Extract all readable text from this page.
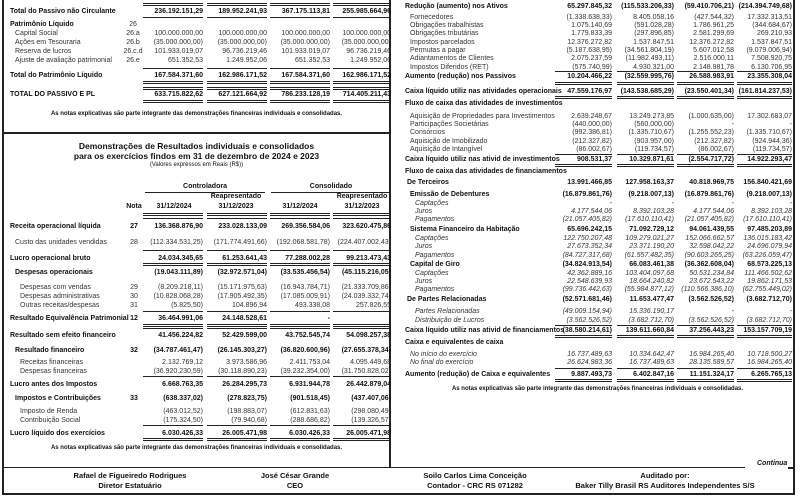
Total do Passivo não Circulante	236.192.151,29	189.952.241,93	367.175.113,81	255.985.664,96
Patrimônio Líquido	26
Capital Social	26.a	100.000.000,00	100.000.000,00	100.000.000,00	100.000.000,00
Ações em Tesouraria	26.b	(35.000.000,00)	(35.000.000,00)	(35.000.000,00)	(35.000.000,00)
Reserva de lucros	26.c.d	101.933.019,07	96.736.219,46	101.933.019,07	96.736.219,46
Ajuste de avaliação patrimonial	26.e	651.352,53	1.249.952,06	651.352,53	1.249.952,06
Total do Patrimônio Líquido	167.584.371,60	162.986.171,52	167.584.371,60	162.986.171,52
TOTAL DO PASSIVO E PL	633.715.822,62	627.121.664,92	786.233.128,19	714.405.211,43
As notas explicativas são parte integrante das demonstrações financeiras individuais e consolidadas.
Demonstrações de Resultados individuais e consolidados
para os exercícios findos em 31 de dezembro de 2024 e 2023
(Valores expressos em Reais (R$))
Controladora	Consolidado
Reapresentado	Reapresentado
Nota	31/12/2024	31/12/2023	31/12/2024	31/12/2023
Receita operacional líquida	27	136.368.876,90	233.028.133,09	269.356.584,06	323.620.475,86
Custo das unidades vendidas	28	(112.334.531,25)	(171.774.491,66)	(192.068.581,78)	(224.407.002,43)
Lucro operacional bruto	24.034.345,65	61.253.641,43	77.288.002,28	99.213.473,43
Despesas operacionais	(19.043.111,89)	(32.972.571,04)	(33.535.456,54)	(45.115.216,05)
Despesas com vendas	29	(8.209.218,11)	(15.171.975,63)	(16.943.784,71)	(21.333.709,86)
Despesas administrativas	30	(10.828.068,28)	(17.905.492,35)	(17.085.009,91)	(24.039.332,74)
Outras receitas/despesas	31	(5.825,50)	104.896,94	493.338,08	257.826,55
Resultado Equivalência Patrimonial 12	36.464.991,06	24.148.528,61	-	-
Resultado sem efeito financeiro	41.456.224,82	52.429.599,00	43.752.545,74	54.098.257,38
Resultado financeiro	32	(34.787.461,47)	(26.145.303,27)	(36.820.600,96)	(27.655.378,34)
Receitas financeiras	2.132.769,12	3.973.586,96	2.411.753,04	4.095.449,68
Despesas financeiras	(36.920.230,59)	(30.118.890,23)	(39.232.354,00)	(31.750.828,02)
Lucro antes dos Impostos	6.668.763,35	26.284.295,73	6.931.944,78	26.442.879,04
Impostos e Contribuições	33	(638.337,02)	(278.823,75)	(901.518,45)	(437.407,06)
Imposto de Renda	(463.012,52)	(198.883,07)	(612.831,63)	(298.080,49)
Contribuição Social	(175.324,50)	(79.940,68)	(288.686,82)	(139.326,57)
Lucro líquido dos exercícios	6.030.426,33	26.005.471,98	6.030.426,33	26.005.471,98
As notas explicativas são parte integrante das demonstrações financeiras individuais e consolidadas.
Redução (aumento) nos Ativos	65.297.845,32	(115.533.206,33)	(59.410.706,21) (214.394.749,68)
Fornecedores	(1.338.638,33)	8.405.058,16	(427.544,32)	17.332.313,51
Obrigações trabalhistas	1.075.140,69	(591.028,28)	1.786.961,25	(344.684,67)
Obrigações tributárias	1.779.833,39	(297.896,85)	2.581.299,69	269.210,93
Impostos parcelados	12.376.272,82	1.537.847,51	12.376.272,82	1.537.847,51
Permutas a pagar	(5.187.638,95)	(34.561.804,19)	5.607.012,58	(9.079.006,94)
Adiantamentos de Clientes	2.075.237,59	(11.982.493,11)	2.516.000,11	7.508.920,75
Impostos Diferidos (RET)	(575.740,99)	4.930.321,00	2.148.981,78	6.130.706,95
Aumento (redução) nos Passivos	10.204.466,22	(32.559.995,76)	26.588.983,91	23.355.308,04
Caixa líquido utiliz nas atividades operacionais 47.559.176,97	(143.538.685,29)	(23.550.401,34) (161.814.237,53)
Fluxo de caixa das atividades de investimentos
Aquisição de Propriedades para Investimentos	2.639.248,67	13.249.273,85	(1.000.635,00)	17.302.683,07
Participações Societárias	(440.000,00)	(560.000,00)	-	-
Consórcios	(992.386,81)	(1.335.710,67)	(1.255.552,23)	(1.335.710,67)
Aquisição de Imobilizado	(212.327,82)	(903.957,00)	(212.327,82)	(924.944,36)
Aquisição de Intangível	(86.002,67)	(119.734,57)	(86.002,67)	(119.734,57)
Caixa líquido utiliz nas ativid de investimentos	908.531,37	10.329.871,61	(2.554.717,72)	14.922.293,47
Fluxo de caixa das atividades de financiamentos
De Terceiros	13.991.466,85	127.958.163,37	40.818.969,75	156.840.421,69
Emissão de Debentures	(16.879.861,76)	(9.218.007,13)	(16.879.861,76)	(9.218.007,13)
Captações	-	-	-	-
Juros	4.177.544,06	8.392.103,28	4.177.544,06	8.392.103,28
Pagamentos	(21.057.405,82)	(17.610.110,41)	(21.057.405,82)	(17.610.110,41)
Sistema Financeiro da Habitação	65.696.242,15	71.092.729,12	94.061.439,55	97.485.203,89
Captações	122.750.207,48	109.279.021,27	152.066.662,57	136.015.183,42
Juros	27.673.352,34	23.371.190,20	32.598.042,22	24.696.079,94
Pagamentos	(84.727.317,68)	(61.557.482,35)	(90.603.265,25)	(63.226.059,47)
Capital de Giro	(34.824.913,54)	66.083.461,38	(36.362.608,04)	68.573.225,13
Captações	42.362.889,16	103.404.097,68	50.531.234,84	111.466.502,62
Juros	22.548.639,93	18.664.240,82	23.672.543,22	19.862.171,53
Pagamentos	(99.736.442,63)	(55.984.877,12)	(110.566.386,10)	(62.755.449,02)
De Partes Relacionadas	(52.571.681,46)	11.653.477,47	(3.562.526,52)	(3.682.712,70)
Partes Relacionadas	(49.009.154,94)	15.336.190,17	-	-
Distribuição de Lucros	(3.562.526,52)	(3.682.712,70)	(3.562.526,52)	(3.682.712,70)
Caixa líquido utiliz nas ativid de financiamentos
(38.580.214,61)	139.611.660,84	37.256.443,23	153.157.709,19
Caixa e equivalentes de caixa
No início do exercício	16.737.489,63	10.334.642,47	16.984.265,40	10.718.500,27
No final do exercício	26.624.983,36	16.737.489,63	28.135.589,57	16.984.265,40
Aumento (redução) de Caixa e equivalentes	9.887.493,73	6.402.847,16	11.151.324,17	6.265.765,13
As notas explicativas são parte integrante das demonstrações financeiras individuais e consolidadas.
Continua
Rafael de Figueiredo Rodrigues
Diretor Estatuário
José César Grande
CEO
Soilo Carlos Lima Conceição
Contador - CRC RS 071282
Auditado por:
Baker Tilly Brasil RS Auditores Independentes S/S
